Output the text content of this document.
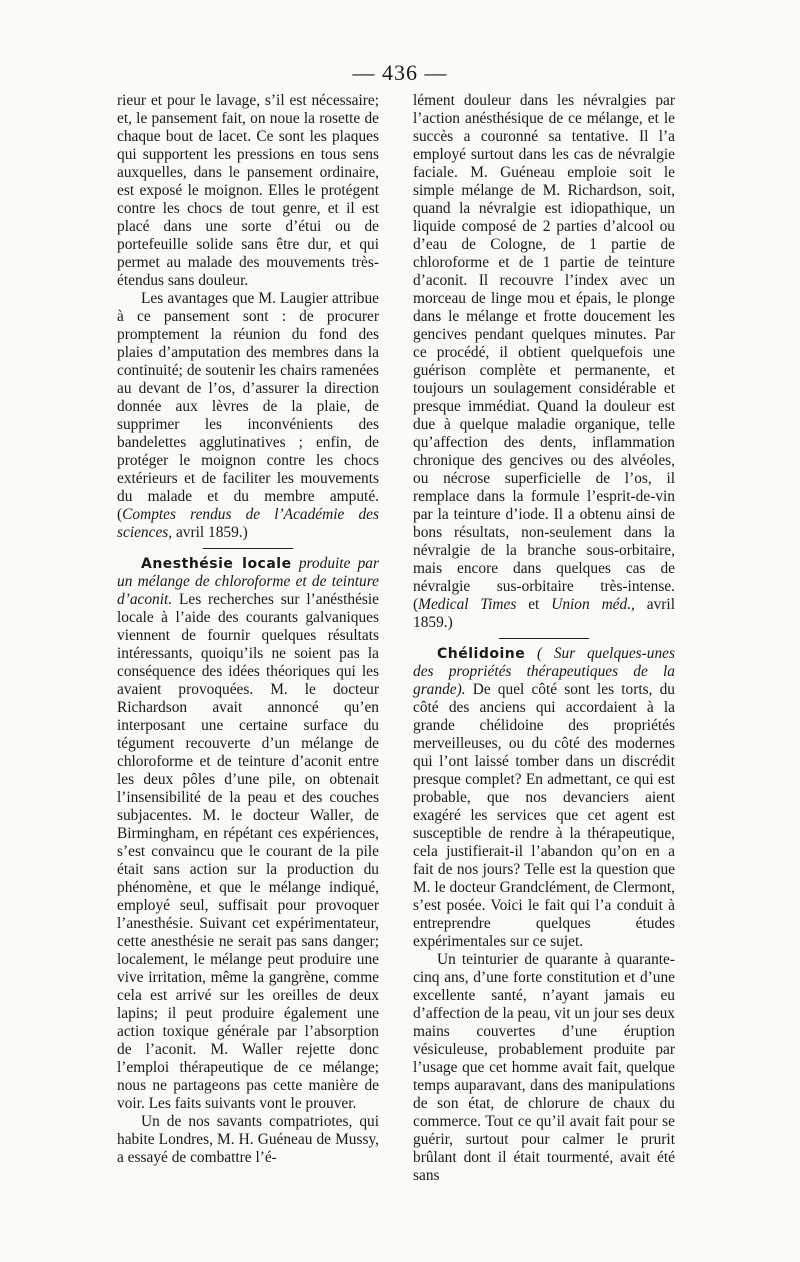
— 436 —

rieur et pour le lavage, s’il est nécessaire; et, le pansement fait, on noue la rosette de chaque bout de lacet. Ce sont les plaques qui supportent les pressions en tous sens auxquelles, dans le pansement ordinaire, est exposé le moignon. Elles le protégent contre les chocs de tout genre, et il est placé dans une sorte d’étui ou de portefeuille solide sans être dur, et qui permet au malade des mouvements très-étendus sans douleur.

Les avantages que M. Laugier attribue à ce pansement sont : de procurer promptement la réunion du fond des plaies d’amputation des membres dans la continuité; de soutenir les chairs ramenées au devant de l’os, d’assurer la direction donnée aux lèvres de la plaie, de supprimer les inconvénients des bandelettes agglutinatives ; enfin, de protéger le moignon contre les chocs extérieurs et de faciliter les mouvements du malade et du membre amputé. (Comptes rendus de l’Académie des sciences, avril 1859.)

Anesthésie locale produite par un mélange de chloroforme et de teinture d’aconit. Les recherches sur l’anésthésie locale à l’aide des courants galvaniques viennent de fournir quelques résultats intéressants, quoiqu’ils ne soient pas la conséquence des idées théoriques qui les avaient provoquées. M. le docteur Richardson avait annoncé qu’en interposant une certaine surface du tégument recouverte d’un mélange de chloroforme et de teinture d’aconit entre les deux pôles d’une pile, on obtenait l’insensibilité de la peau et des couches subjacentes. M. le docteur Waller, de Birmingham, en répétant ces expériences, s’est convaincu que le courant de la pile était sans action sur la production du phénomène, et que le mélange indiqué, employé seul, suffisait pour provoquer l’anesthésie. Suivant cet expérimentateur, cette anesthésie ne serait pas sans danger; localement, le mélange peut produire une vive irritation, même la gangrène, comme cela est arrivé sur les oreilles de deux lapins; il peut produire également une action toxique générale par l’absorption de l’aconit. M. Waller rejette donc l’emploi thérapeutique de ce mélange; nous ne partageons pas cette manière de voir. Les faits suivants vont le prouver.

Un de nos savants compatriotes, qui habite Londres, M. H. Guéneau de Mussy, a essayé de combattre l’é-

lément douleur dans les névralgies par l’action anésthésique de ce mélange, et le succès a couronné sa tentative. Il l’a employé surtout dans les cas de névralgie faciale. M. Guéneau emploie soit le simple mélange de M. Richardson, soit, quand la névralgie est idiopathique, un liquide composé de 2 parties d’alcool ou d’eau de Cologne, de 1 partie de chloroforme et de 1 partie de teinture d’aconit. Il recouvre l’index avec un morceau de linge mou et épais, le plonge dans le mélange et frotte doucement les gencives pendant quelques minutes. Par ce procédé, il obtient quelquefois une guérison complète et permanente, et toujours un soulagement considérable et presque immédiat. Quand la douleur est due à quelque maladie organique, telle qu’affection des dents, inflammation chronique des gencives ou des alvéoles, ou nécrose superficielle de l’os, il remplace dans la formule l’esprit-de-vin par la teinture d’iode. Il a obtenu ainsi de bons résultats, non-seulement dans la névralgie de la branche sous-orbitaire, mais encore dans quelques cas de névralgie sus-orbitaire très-intense. (Medical Times et Union méd., avril 1859.)

Chélidoine ( Sur quelques-unes des propriétés thérapeutiques de la grande). De quel côté sont les torts, du côté des anciens qui accordaient à la grande chélidoine des propriétés merveilleuses, ou du côté des modernes qui l’ont laissé tomber dans un discrédit presque complet? En admettant, ce qui est probable, que nos devanciers aient exagéré les services que cet agent est susceptible de rendre à la thérapeutique, cela justifierait-il l’abandon qu’on en a fait de nos jours? Telle est la question que M. le docteur Grandclément, de Clermont, s’est posée. Voici le fait qui l’a conduit à entreprendre quelques études expérimentales sur ce sujet.

Un teinturier de quarante à quarante-cinq ans, d’une forte constitution et d’une excellente santé, n’ayant jamais eu d’affection de la peau, vit un jour ses deux mains couvertes d’une éruption vésiculeuse, probablement produite par l’usage que cet homme avait fait, quelque temps auparavant, dans des manipulations de son état, de chlorure de chaux du commerce. Tout ce qu’il avait fait pour se guérir, surtout pour calmer le prurit brûlant dont il était tourmenté, avait été sans
